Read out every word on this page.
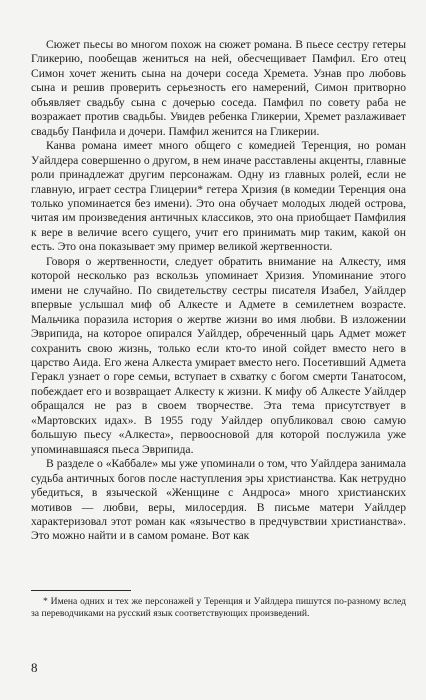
Сюжет пьесы во многом похож на сюжет романа. В пьесе сестру гетеры Гликерию, пообещав жениться на ней, обесчещивает Памфил. Его отец Симон хочет женить сына на дочери соседа Хремета. Узнав про любовь сына и решив проверить серьезность его намерений, Симон притворно объявляет свадьбу сына с дочерью соседа. Памфил по совету раба не возражает против свадьбы. Увидев ребенка Гликерии, Хремет разлаживает свадьбу Панфила и дочери. Памфил женится на Гликерии.

Канва романа имеет много общего с комедией Теренция, но роман Уайлдера совершенно о другом, в нем иначе расставлены акценты, главные роли принадлежат другим персонажам. Одну из главных ролей, если не главную, играет сестра Глицерии* гетера Хризия (в комедии Теренция она только упоминается без имени). Это она обучает молодых людей острова, читая им произведения античных классиков, это она приобщает Памфилия к вере в величие всего сущего, учит его принимать мир таким, какой он есть. Это она показывает эму пример великой жертвенности.

Говоря о жертвенности, следует обратить внимание на Алкесту, имя которой несколько раз вскользь упоминает Хризия. Упоминание этого имени не случайно. По свидетельству сестры писателя Изабел, Уайлдер впервые услышал миф об Алкесте и Адмете в семилетнем возрасте. Мальчика поразила история о жертве жизни во имя любви. В изложении Эврипида, на которое опирался Уайлдер, обреченный царь Адмет может сохранить свою жизнь, только если кто-то иной сойдет вместо него в царство Аида. Его жена Алкеста умирает вместо него. Посетивший Адмета Геракл узнает о горе семьи, вступает в схватку с богом смерти Танатосом, побеждает его и возвращает Алкесту к жизни. К мифу об Алкесте Уайлдер обращался не раз в своем творчестве. Эта тема присутствует в «Мартовских идах». В 1955 году Уайлдер опубликовал свою самую большую пьесу «Алкеста», первоосновой для которой послужила уже упоминавшаяся пьеса Эврипида.

В разделе о «Каббале» мы уже упоминали о том, что Уайлдера занимала судьба античных богов после наступления эры христианства. Как нетрудно убедиться, в языческой «Женщине с Андроса» много христианских мотивов — любви, веры, милосердия. В письме матери Уайлдер характеризовал этот роман как «язычество в предчувствии христианства». Это можно найти и в самом романе. Вот как

* Имена одних и тех же персонажей у Теренция и Уайлдера пишутся по-разному вслед за переводчиками на русский язык соответствующих произведений.

8
